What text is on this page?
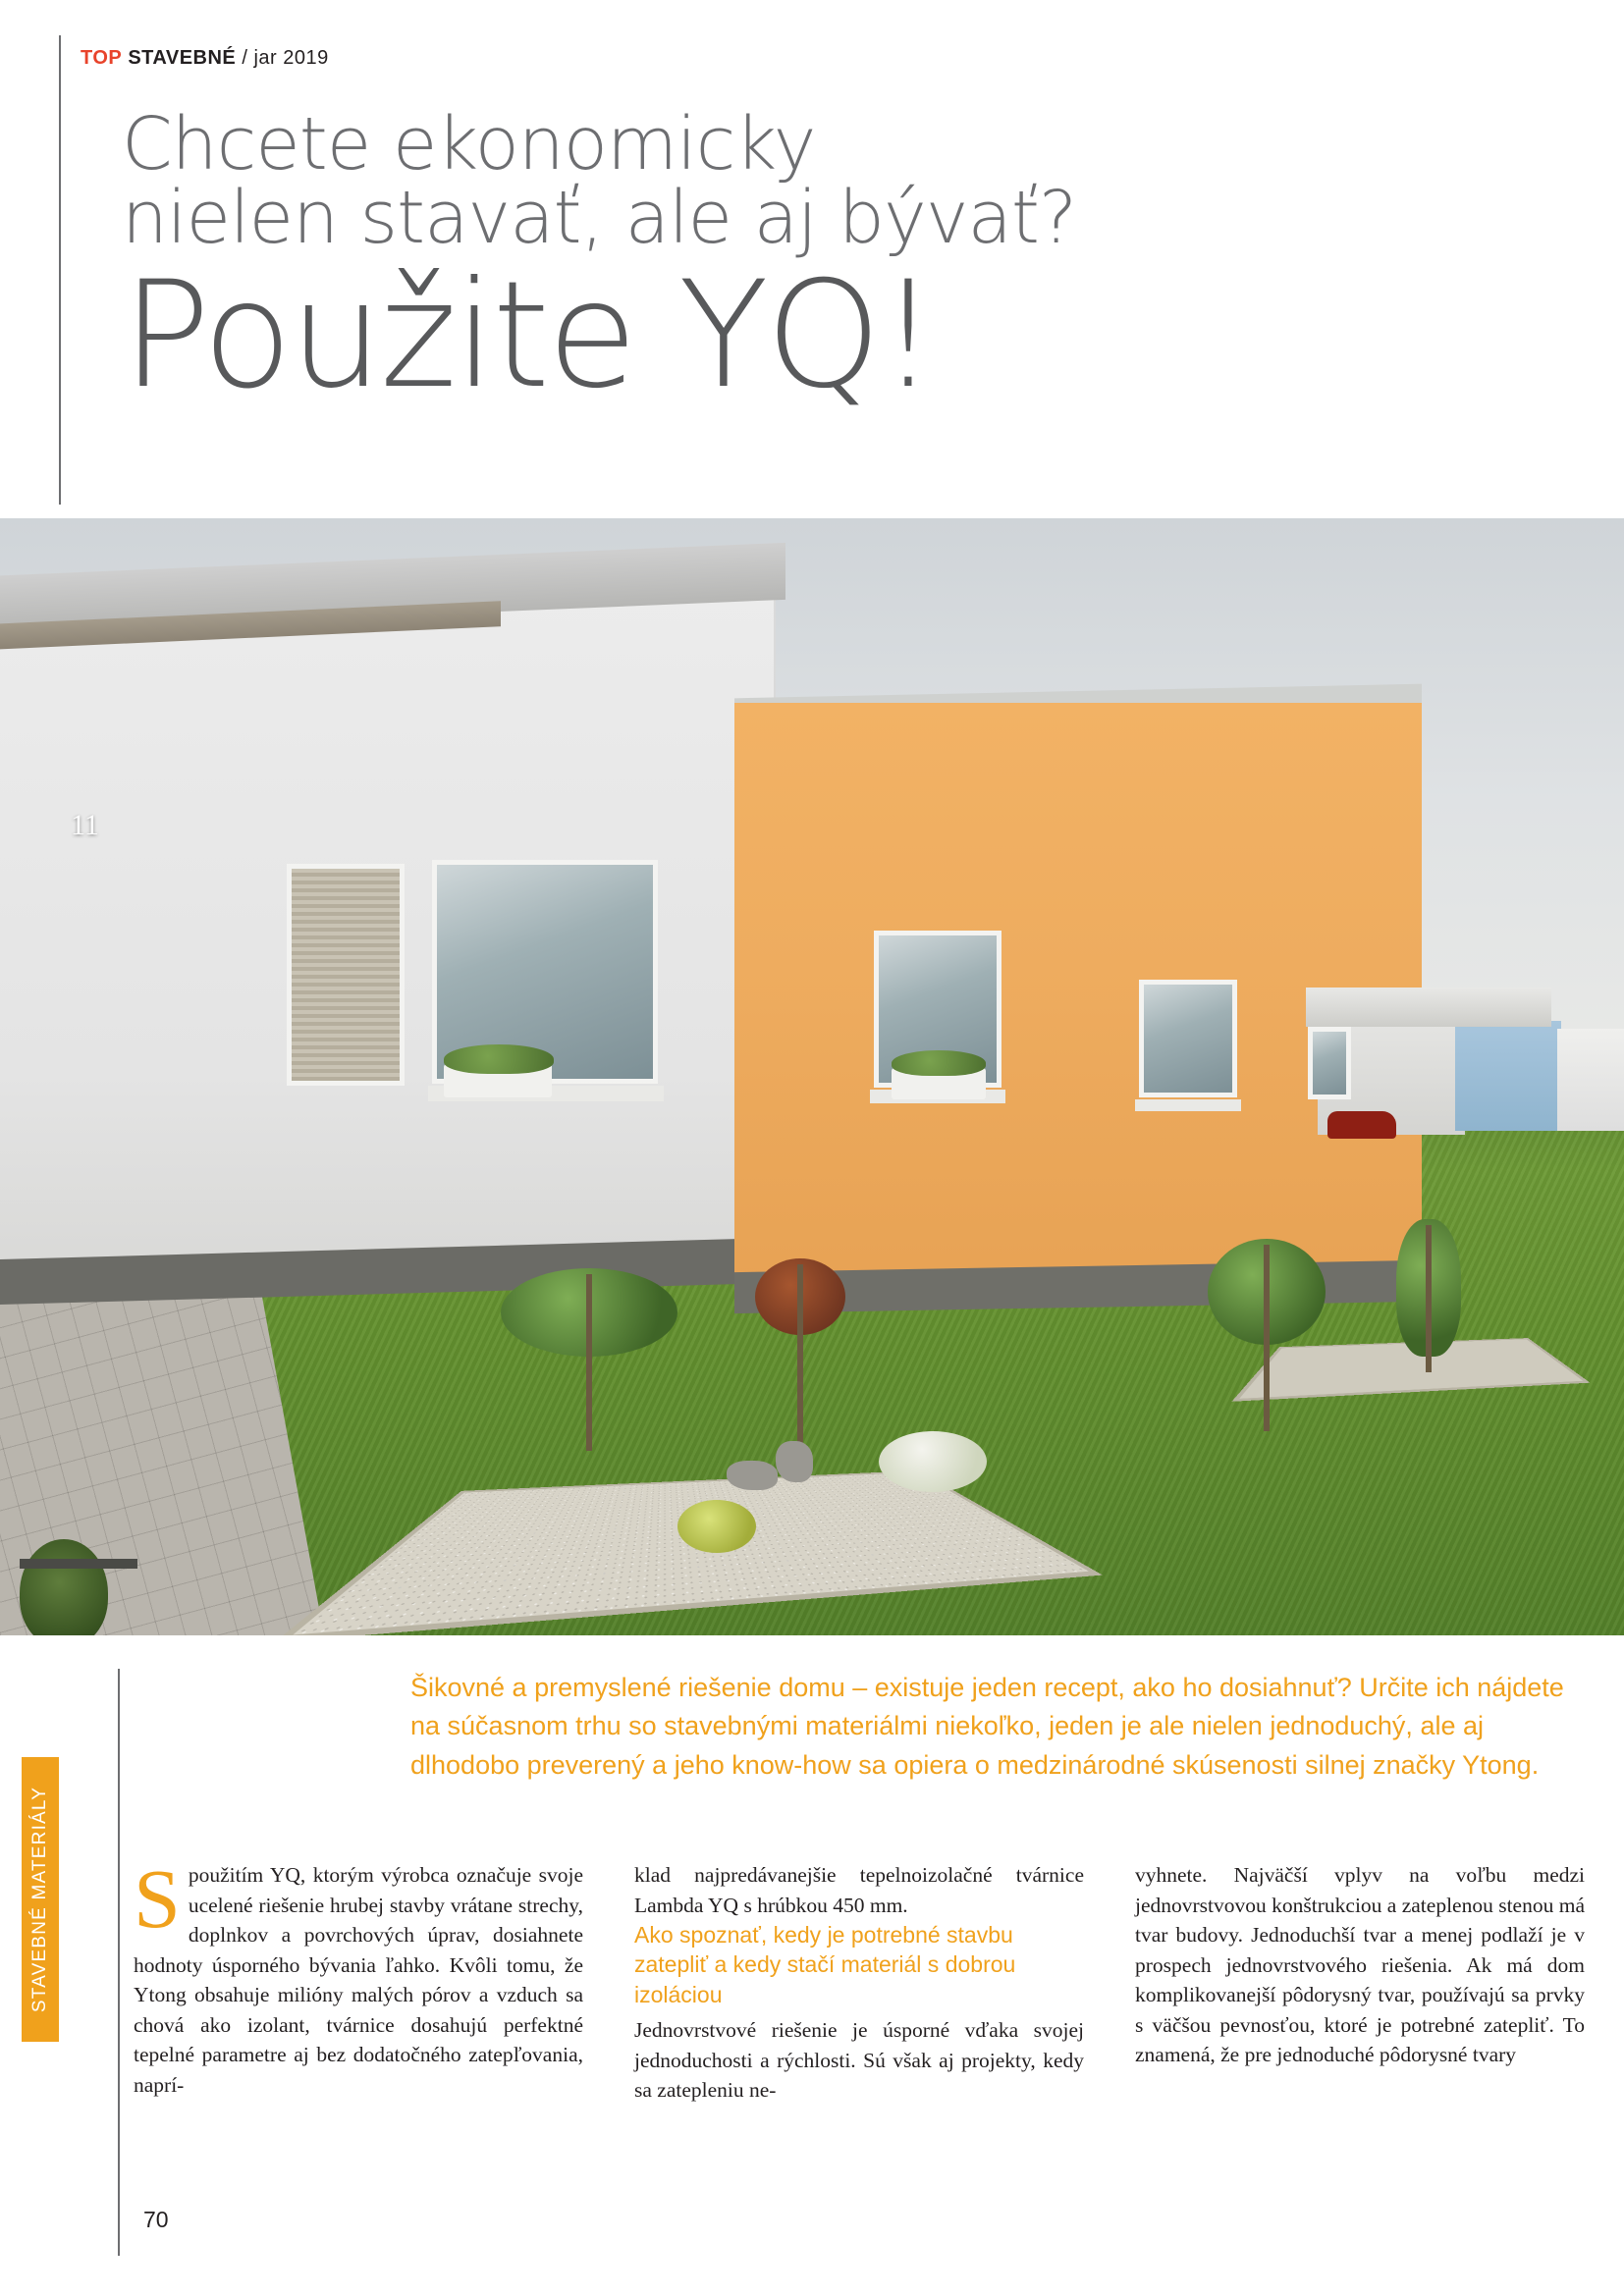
TOP STAVEBNÉ / jar 2019
Chcete ekonomicky
nielen stavať, ale aj bývať?
Použite YQ!
11
STAVEBNÉ MATERIÁLY
Šikovné a premyslené riešenie domu – existuje jeden recept, ako ho dosiahnuť? Určite ich nájdete na súčasnom trhu so stavebnými materiálmi niekoľko, jeden je ale nielen jednoduchý, ale aj dlhodobo preverený a jeho know-how sa opiera o medzinárodné skúsenosti silnej značky Ytong.

S použitím YQ, ktorým výrobca označuje svoje ucelené riešenie hrubej stavby vrátane strechy, doplnkov a povrchových úprav, dosiahnete hodnoty úsporného bývania ľahko. Kvôli tomu, že Ytong obsahuje milióny malých pórov a vzduch sa chová ako izolant, tvárnice dosahujú perfektné tepelné parametre aj bez dodatočného zatepľovania, naprí-

klad najpredávanejšie tepelnoizolačné tvárnice Lambda YQ s hrúbkou 450 mm.

Ako spoznať, kedy je potrebné stavbu zatepliť a kedy stačí materiál s dobrou izoláciou

Jednovrstvové riešenie je úsporné vďaka svojej jednoduchosti a rýchlosti. Sú však aj projekty, kedy sa zatepleniu ne-

vyhnete. Najväčší vplyv na voľbu medzi jednovrstvovou konštrukciou a zateplenou stenou má tvar budovy. Jednoduchší tvar a menej podlaží je v prospech jednovrstvového riešenia. Ak má dom komplikovanejší pôdorysný tvar, používajú sa prvky s väčšou pevnosťou, ktoré je potrebné zatepliť. To znamená, že pre jednoduché pôdorysné tvary

70
